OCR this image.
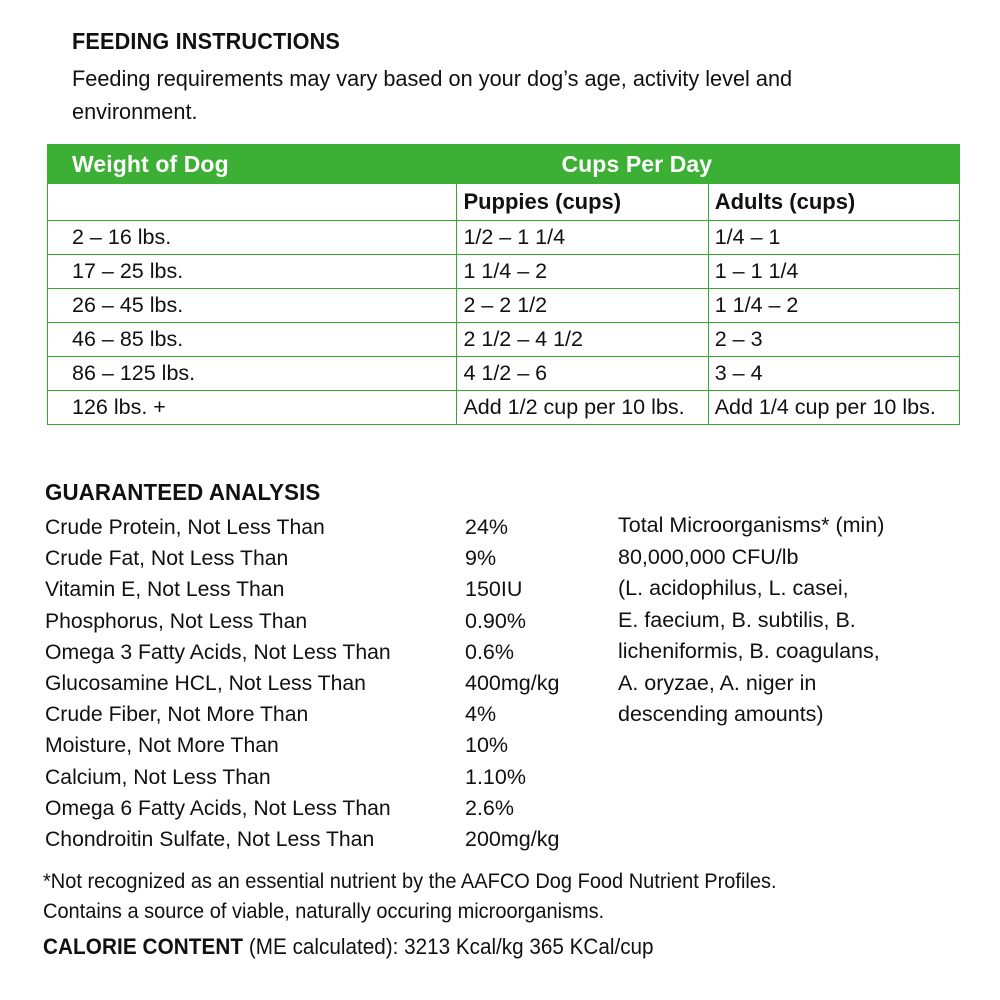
FEEDING INSTRUCTIONS
Feeding requirements may vary based on your dog’s age, activity level and environment.
Weight of Dog	Cups Per Day	
	Puppies (cups)	Adults (cups)
2 – 16 lbs.	1/2 – 1 1/4	1/4 – 1
17 – 25 lbs.	1 1/4 – 2	1 – 1 1/4
26 – 45 lbs.	2 – 2 1/2	1 1/4 – 2
46 – 85 lbs.	2 1/2 – 4 1/2	2 – 3
86 – 125 lbs.	4 1/2 – 6	3 – 4
126 lbs. +	Add 1/2 cup per 10 lbs.	Add 1/4 cup per 10 lbs.
GUARANTEED ANALYSIS
Crude Protein, Not Less Than	24%
Crude Fat, Not Less Than	9%
Vitamin E, Not Less Than	150IU
Phosphorus, Not Less Than	0.90%
Omega 3 Fatty Acids, Not Less Than	0.6%
Glucosamine HCL, Not Less Than	400mg/kg
Crude Fiber, Not More Than	4%
Moisture, Not More Than	10%
Calcium, Not Less Than	1.10%
Omega 6 Fatty Acids, Not Less Than	2.6%
Chondroitin Sulfate, Not Less Than	200mg/kg
Total Microorganisms* (min)
80,000,000 CFU/lb
(L. acidophilus, L. casei,
E. faecium, B. subtilis, B.
licheniformis, B. coagulans,
A. oryzae, A. niger in
descending amounts)
*Not recognized as an essential nutrient by the AAFCO Dog Food Nutrient Profiles.
Contains a source of viable, naturally occuring microorganisms.
CALORIE CONTENT (ME calculated): 3213 Kcal/kg 365 KCal/cup
